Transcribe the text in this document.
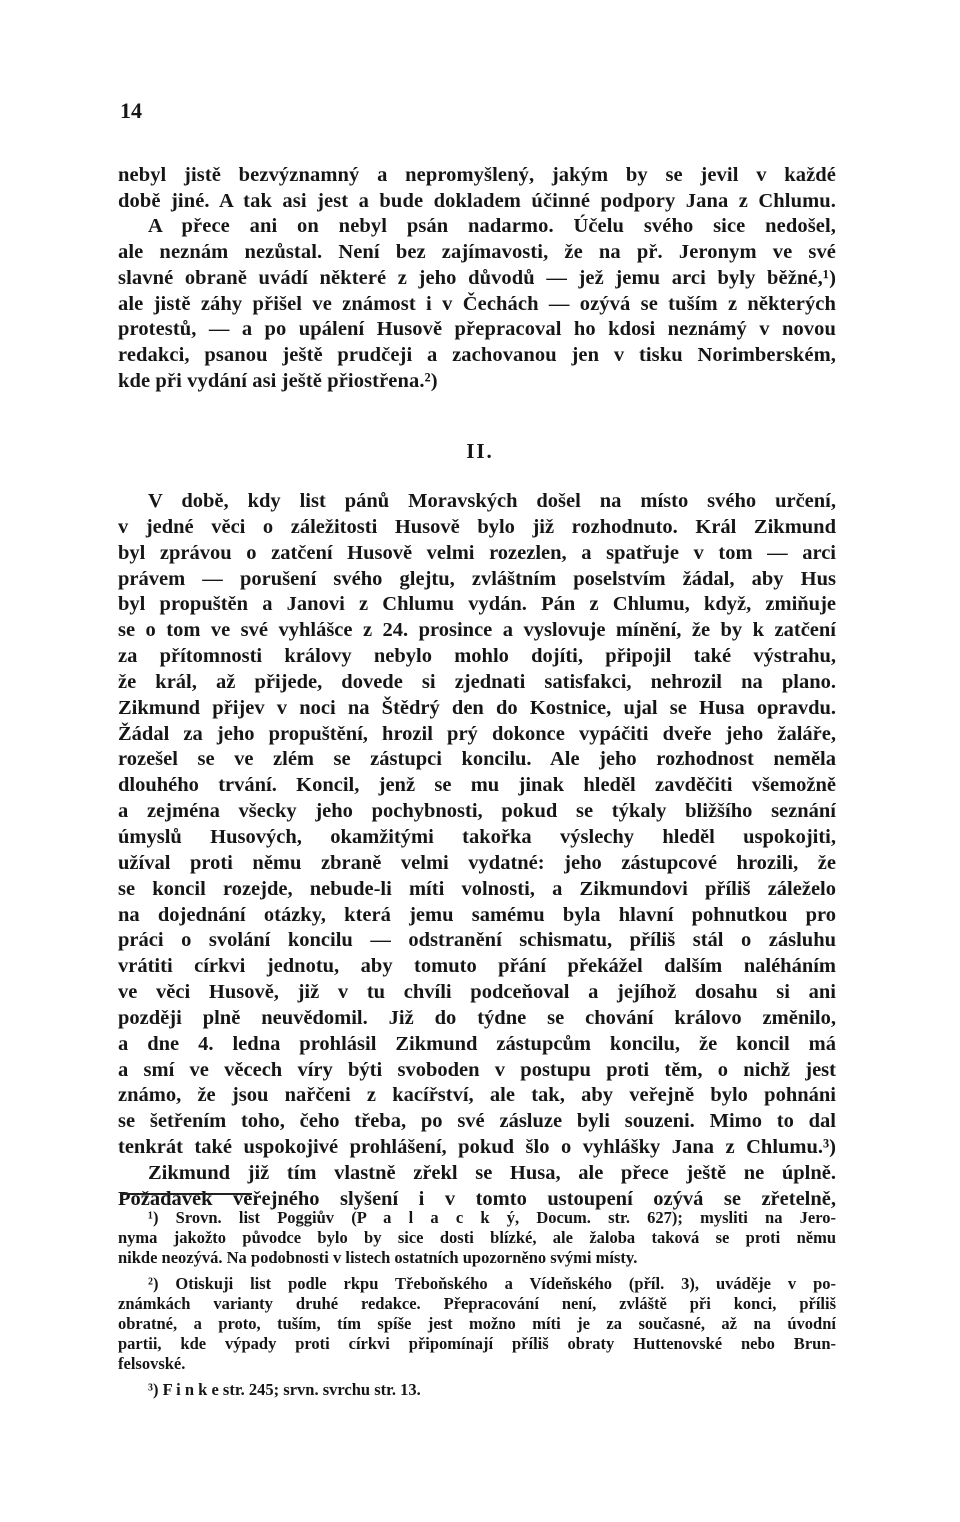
14
nebyl jistě bezvýznamný a nepromyšlený, jakým by se jevil v každé
době jiné. A tak asi jest a bude dokladem účinné podpory Jana z Chlumu.
A přece ani on nebyl psán nadarmo. Účelu svého sice nedošel,
ale neznám nezůstal. Není bez zajímavosti, že na př. Jeronym ve své
slavné obraně uvádí některé z jeho důvodů — jež jemu arci byly běžné,¹)
ale jistě záhy přišel ve známost i v Čechách — ozývá se tuším z některých
protestů, — a po upálení Husově přepracoval ho kdosi neznámý v novou
redakci, psanou ještě prudčeji a zachovanou jen v tisku Norimberském,
kde při vydání asi ještě přiostřena.²)
II.
V době, kdy list pánů Moravských došel na místo svého určení,
v jedné věci o záležitosti Husově bylo již rozhodnuto. Král Zikmund
byl zprávou o zatčení Husově velmi rozezlen, a spatřuje v tom — arci
právem — porušení svého glejtu, zvláštním poselstvím žádal, aby Hus
byl propuštěn a Janovi z Chlumu vydán. Pán z Chlumu, když, zmiňuje
se o tom ve své vyhlášce z 24. prosince a vyslovuje mínění, že by k zatčení
za přítomnosti královy nebylo mohlo dojíti, připojil také výstrahu,
že král, až přijede, dovede si zjednati satisfakci, nehrozil na plano.
Zikmund přijev v noci na Štědrý den do Kostnice, ujal se Husa opravdu.
Žádal za jeho propuštění, hrozil prý dokonce vypáčiti dveře jeho žaláře,
rozešel se ve zlém se zástupci koncilu. Ale jeho rozhodnost neměla
dlouhého trvání. Koncil, jenž se mu jinak hleděl zavděčiti všemožně
a zejména všecky jeho pochybnosti, pokud se týkaly bližšího seznání
úmyslů Husových, okamžitými takořka výslechy hleděl uspokojiti,
užíval proti němu zbraně velmi vydatné: jeho zástupcové hrozili, že
se koncil rozejde, nebude-li míti volnosti, a Zikmundovi příliš záleželo
na dojednání otázky, která jemu samému byla hlavní pohnutkou pro
práci o svolání koncilu — odstranění schismatu, příliš stál o zásluhu
vrátiti církvi jednotu, aby tomuto přání překážel dalším naléháním
ve věci Husově, již v tu chvíli podceňoval a jejíhož dosahu si ani
později plně neuvědomil. Již do týdne se chování královo změnilo,
a dne 4. ledna prohlásil Zikmund zástupcům koncilu, že koncil má
a smí ve věcech víry býti svoboden v postupu proti těm, o nichž jest
známo, že jsou nařčeni z kacířství, ale tak, aby veřejně bylo pohnáni
se šetřením toho, čeho třeba, po své zásluze byli souzeni. Mimo to dal
tenkrát také uspokojivé prohlášení, pokud šlo o vyhlášky Jana z Chlumu.³)
Zikmund již tím vlastně zřekl se Husa, ale přece ještě ne úplně.
Požadavek veřejného slyšení i v tomto ustoupení ozývá se zřetelně,
¹) Srovn. list Poggiův (P a l a c k ý, Docum. str. 627); mysliti na Jero-
nyma jakožto původce bylo by sice dosti blízké, ale žaloba taková se proti němu
nikde neozývá. Na podobnosti v listech ostatních upozorněno svými místy.
²) Otiskuji list podle rkpu Třeboňského a Vídeňského (příl. 3), uváděje v po-
známkách varianty druhé redakce. Přepracování není, zvláště při konci, příliš
obratné, a proto, tuším, tím spíše jest možno míti je za současné, až na úvodní
partii, kde výpady proti církvi připomínají příliš obraty Huttenovské nebo Brun-
felsovské.
³) F i n k e str. 245; srvn. svrchu str. 13.
